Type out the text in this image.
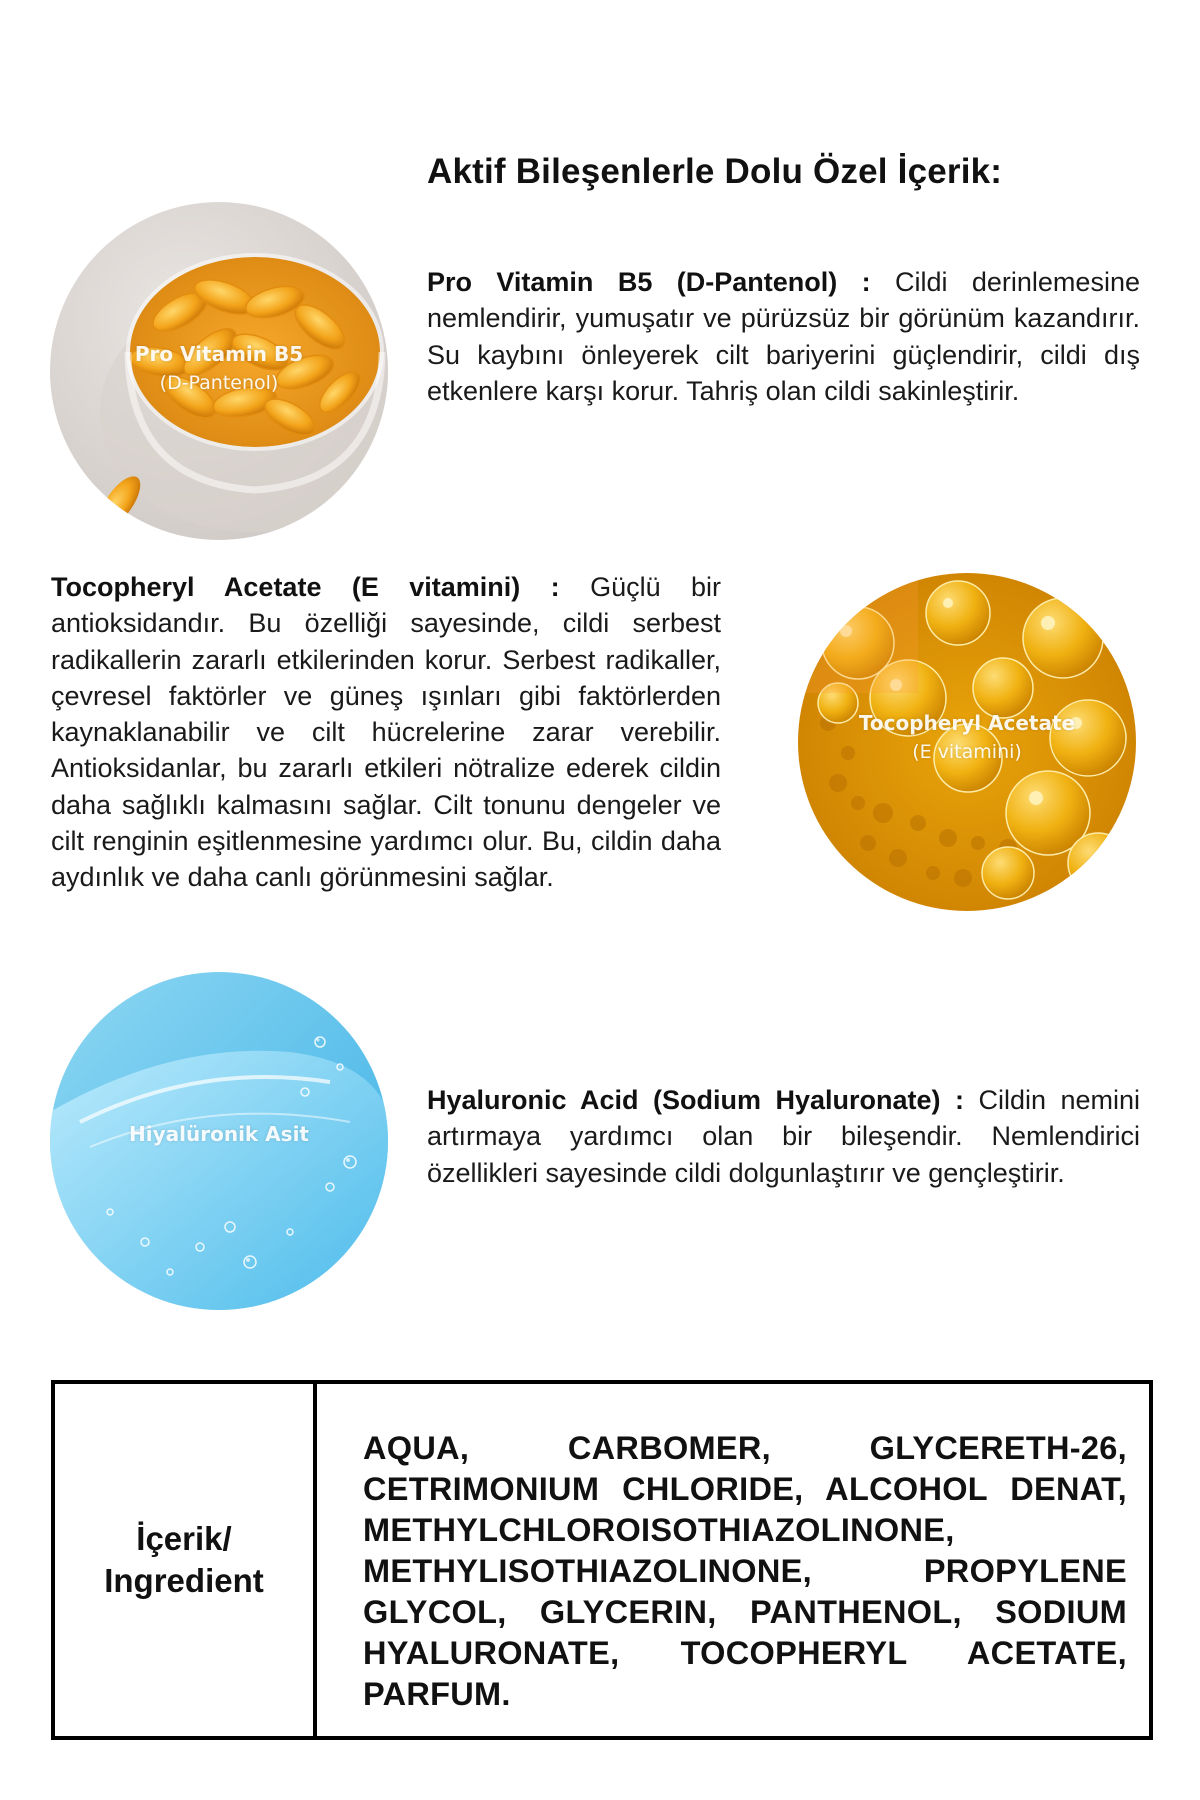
Aktif Bileşenlerle Dolu Özel İçerik:
Pro Vitamin B5
(D-Pantenol)
Pro Vitamin B5 (D-Pantenol) : Cildi derinlemesine nemlendirir, yumuşatır ve pürüzsüz bir görünüm kazandırır. Su kaybını önleyerek cilt bariyerini güçlendirir, cildi dış etkenlere karşı korur. Tahriş olan cildi sakinleştirir.
Tocopheryl Acetate (E vitamini) : Güçlü bir antioksidandır. Bu özelliği sayesinde, cildi serbest radikallerin zararlı etkilerinden korur. Serbest radikaller, çevresel faktörler ve güneş ışınları gibi faktörlerden kaynaklanabilir ve cilt hücrelerine zarar verebilir. Antioksidanlar, bu zararlı etkileri nötralize ederek cildin daha sağlıklı kalmasını sağlar. Cilt tonunu dengeler ve cilt renginin eşitlenmesine yardımcı olur. Bu, cildin daha aydınlık ve daha canlı görünmesini sağlar.
Tocopheryl Acetate
(E vitamini)
Hiyalüronik Asit
Hyaluronic Acid (Sodium Hyaluronate) : Cildin nemini artırmaya yardımcı olan bir bileşendir. Nemlendirici özellikleri sayesinde cildi dolgunlaştırır ve gençleştirir.
İçerik/
Ingredient
AQUA, CARBOMER, GLYCERETH-26, CETRIMONIUM CHLORIDE, ALCOHOL DENAT, METHYLCHLOROISOTHIAZOLINONE, METHYLISOTHIAZOLINONE, PROPYLENE GLYCOL, GLYCERIN, PANTHENOL, SODIUM HYALURONATE, TOCOPHERYL ACETATE, PARFUM.
